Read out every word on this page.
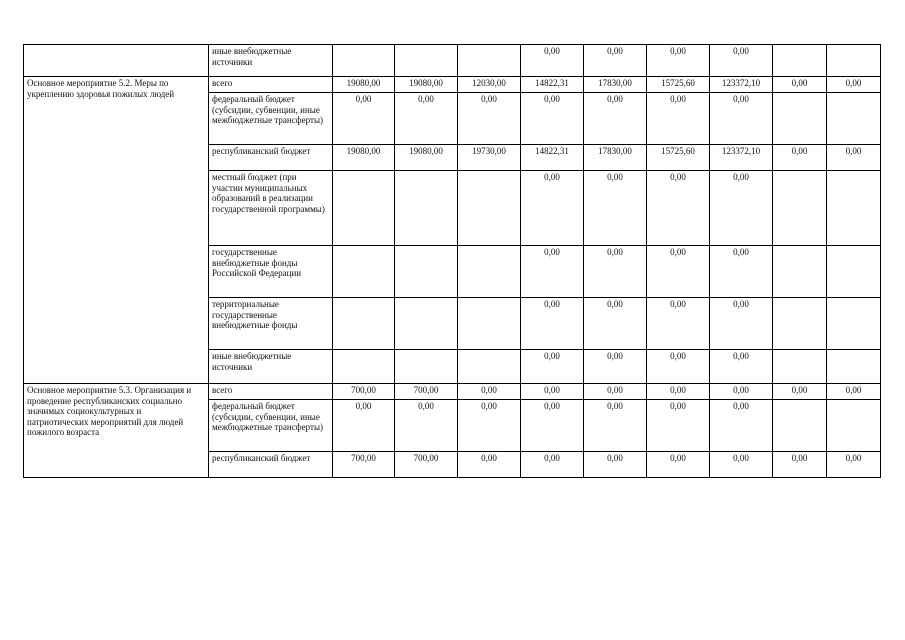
	иные внебюджетные источники				0,00	0,00	0,00	0,00		
Основное мероприятие 5.2. Меры по укреплению здоровья пожилых людей	всего	19080,00	19080,00	12030,00	14822,31	17830,00	15725,60	123372,10	0,00	0,00
	федеральный бюджет (субсидии, субвенции, иные межбюджетные трансферты)	0,00	0,00	0,00	0,00	0,00	0,00	0,00		
	республиканский бюджет	19080,00	19080,00	19730,00	14822,31	17830,00	15725,60	123372,10	0,00	0,00
	местный бюджет (при участии муниципальных образований в реализации государственной программы)				0,00	0,00	0,00	0,00		
	государственные внебюджетные фонды Российской Федерации				0,00	0,00	0,00	0,00		
	территориальные государственные внебюджетные фонды				0,00	0,00	0,00	0,00		
	иные внебюджетные источники				0,00	0,00	0,00	0,00		
Основное мероприятие 5.3. Организация и проведение республиканских социально значимых социокультурных и патриотических мероприятий для людей пожилого возраста	всего	700,00	700,00	0,00	0,00	0,00	0,00	0,00	0,00	0,00
	федеральный бюджет (субсидии, субвенции, иные межбюджетные трансферты)	0,00	0,00	0,00	0,00	0,00	0,00	0,00		
	республиканский бюджет	700,00	700,00	0,00	0,00	0,00	0,00	0,00	0,00	0,00
